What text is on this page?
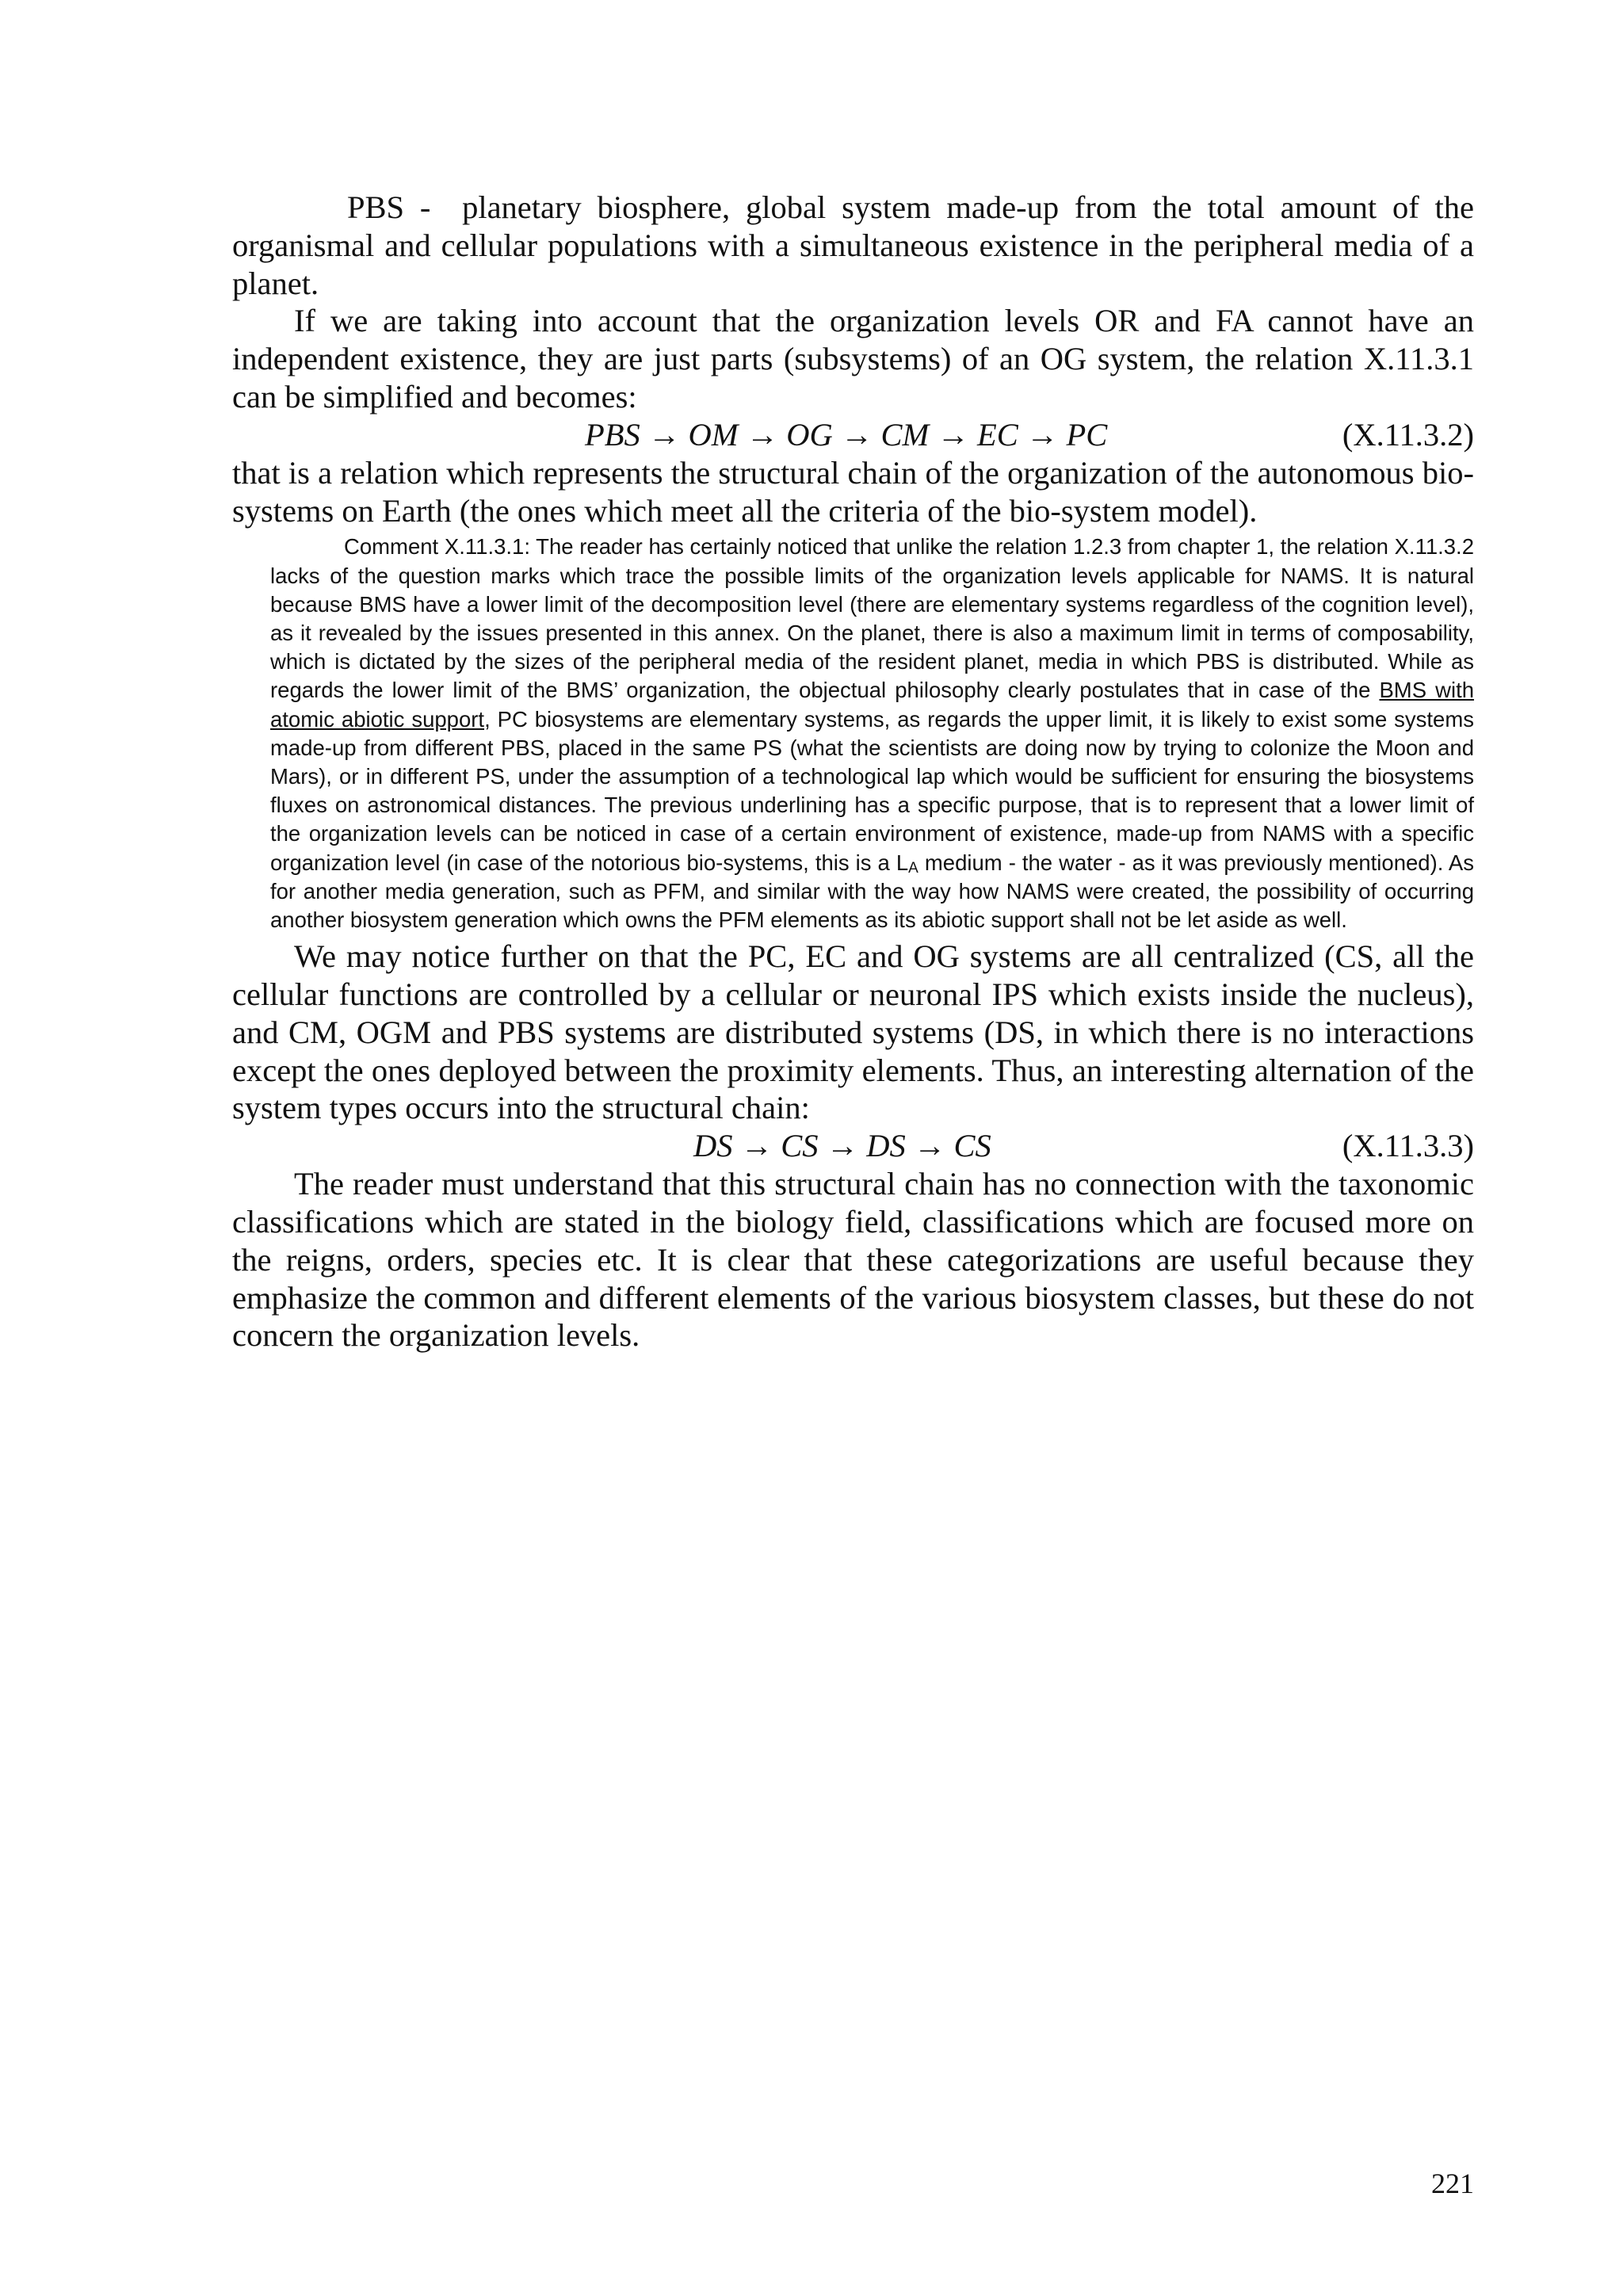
PBS - planetary biosphere, global system made-up from the total amount of the organismal and cellular populations with a simultaneous existence in the peripheral media of a planet.

If we are taking into account that the organization levels OR and FA cannot have an independent existence, they are just parts (subsystems) of an OG system, the relation X.11.3.1 can be simplified and becomes:

PBS → OM → OG → CM → EC → PC	(X.11.3.2)

that is a relation which represents the structural chain of the organization of the autonomous bio-systems on Earth (the ones which meet all the criteria of the bio-system model).

Comment X.11.3.1: The reader has certainly noticed that unlike the relation 1.2.3 from chapter 1, the relation X.11.3.2 lacks of the question marks which trace the possible limits of the organization levels applicable for NAMS. It is natural because BMS have a lower limit of the decomposition level (there are elementary systems regardless of the cognition level), as it revealed by the issues presented in this annex. On the planet, there is also a maximum limit in terms of composability, which is dictated by the sizes of the peripheral media of the resident planet, media in which PBS is distributed. While as regards the lower limit of the BMS’ organization, the objectual philosophy clearly postulates that in case of the BMS with atomic abiotic support, PC biosystems are elementary systems, as regards the upper limit, it is likely to exist some systems made-up from different PBS, placed in the same PS (what the scientists are doing now by trying to colonize the Moon and Mars), or in different PS, under the assumption of a technological lap which would be sufficient for ensuring the biosystems fluxes on astronomical distances. The previous underlining has a specific purpose, that is to represent that a lower limit of the organization levels can be noticed in case of a certain environment of existence, made-up from NAMS with a specific organization level (in case of the notorious bio-systems, this is a $L_A$ medium - the water - as it was previously mentioned). As for another media generation, such as PFM, and similar with the way how NAMS were created, the possibility of occurring another biosystem generation which owns the PFM elements as its abiotic support shall not be let aside as well.

We may notice further on that the PC, EC and OG systems are all centralized (CS, all the cellular functions are controlled by a cellular or neuronal IPS which exists inside the nucleus), and CM, OGM and PBS systems are distributed systems (DS, in which there is no interactions except the ones deployed between the proximity elements. Thus, an interesting alternation of the system types occurs into the structural chain:

DS → CS → DS → CS	(X.11.3.3)

The reader must understand that this structural chain has no connection with the taxonomic classifications which are stated in the biology field, classifications which are focused more on the reigns, orders, species etc. It is clear that these categorizations are useful because they emphasize the common and different elements of the various biosystem classes, but these do not concern the organization levels.

221
